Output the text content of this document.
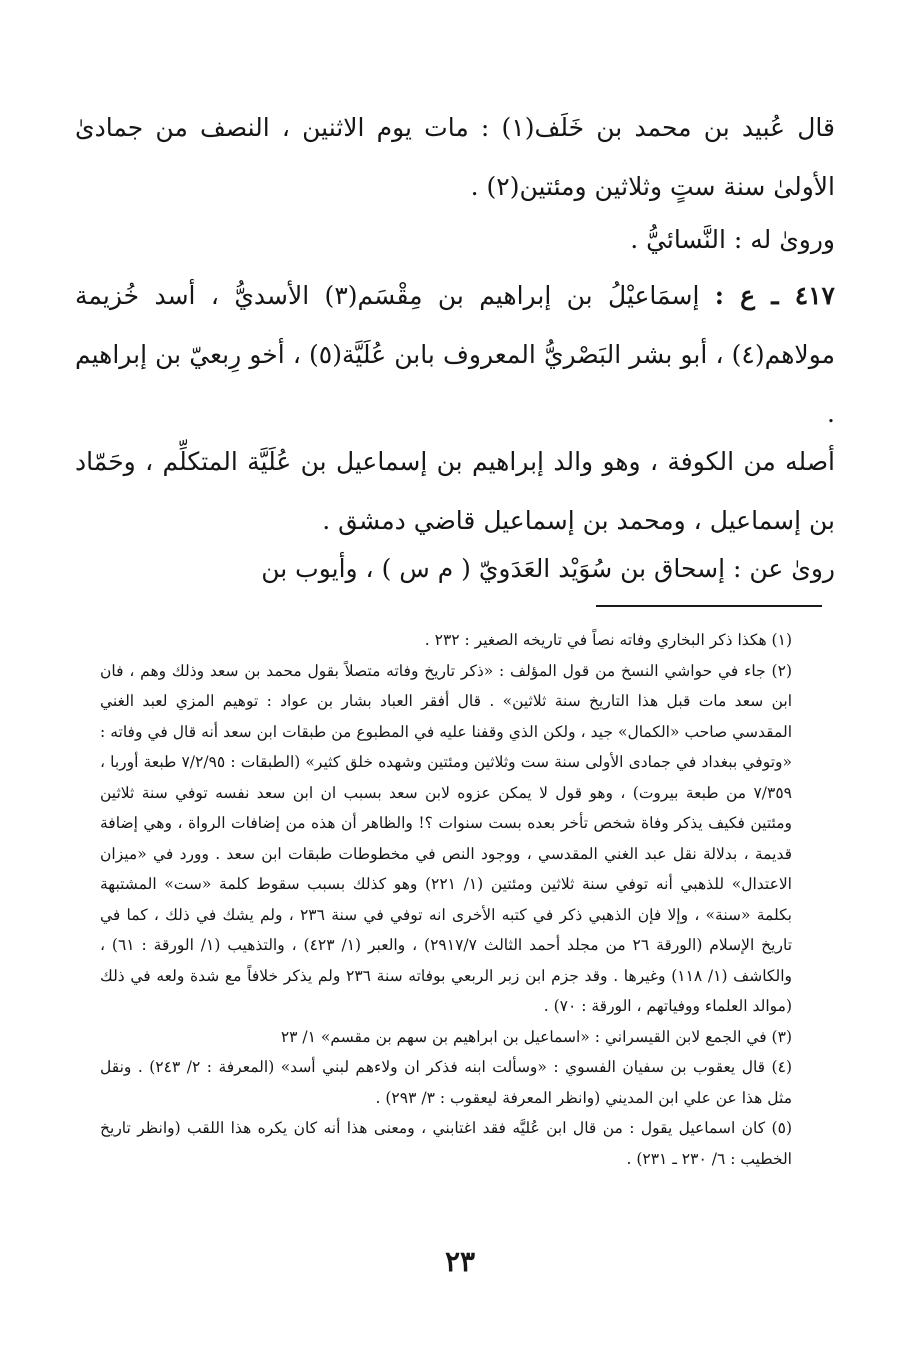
قال عُبيد بن محمد بن خَلَف(١) : مات يوم الاثنين ، النصف من جمادىٰ الأولىٰ سنة ستٍ وثلاثين ومئتين(٢) .

وروىٰ له : النَّسائيُّ .

٤١٧ ـ ع : إسمَاعيْلُ بن إبراهيم بن مِقْسَم(٣) الأسديُّ ، أسد خُزيمة مولاهم(٤) ، أبو بشر البَصْريُّ المعروف بابن عُلَيَّة(٥) ، أخو رِبعيّ بن إبراهيم .

أصله من الكوفة ، وهو والد إبراهيم بن إسماعيل بن عُلَيَّة المتكلِّم ، وحَمّاد بن إسماعيل ، ومحمد بن إسماعيل قاضي دمشق .

روىٰ عن : إسحاق بن سُوَيْد العَدَويّ ( م س ) ، وأيوب بن

(١) هكذا ذكر البخاري وفاته نصاً في تاريخه الصغير : ٢٣٢ .

(٢) جاء في حواشي النسخ من قول المؤلف : «ذكر تاريخ وفاته متصلاً بقول محمد بن سعد وذلك وهم ، فان ابن سعد مات قبل هذا التاريخ سنة ثلاثين» . قال أفقر العباد بشار بن عواد : توهيم المزي لعبد الغني المقدسي صاحب «الكمال» جيد ، ولكن الذي وقفنا عليه في المطبوع من طبقات ابن سعد أنه قال في وفاته : «وتوفي ببغداد في جمادى الأولى سنة ست وثلاثين ومئتين وشهده خلق كثير» (الطبقات : ٧/٢/٩٥ طبعة أوربا ، ٧/٣٥٩ من طبعة بيروت) ، وهو قول لا يمكن عزوه لابن سعد بسبب ان ابن سعد نفسه توفي سنة ثلاثين ومئتين فكيف يذكر وفاة شخص تأخر بعده بست سنوات ؟! والظاهر أن هذه من إضافات الرواة ، وهي إضافة قديمة ، بدلالة نقل عبد الغني المقدسي ، ووجود النص في مخطوطات طبقات ابن سعد . وورد في «ميزان الاعتدال» للذهبي أنه توفي سنة ثلاثين ومئتين (١/ ٢٢١) وهو كذلك بسبب سقوط كلمة «ست» المشتبهة بكلمة «سنة» ، وإلا فإن الذهبي ذكر في كتبه الأخرى انه توفي في سنة ٢٣٦ ، ولم يشك في ذلك ، كما في تاريخ الإسلام (الورقة ٢٦ من مجلد أحمد الثالث ٢٩١٧/٧) ، والعبر (١/ ٤٢٣) ، والتذهيب (١/ الورقة : ٦١) ، والكاشف (١/ ١١٨) وغيرها . وقد جزم ابن زبر الربعي بوفاته سنة ٢٣٦ ولم يذكر خلافاً مع شدة ولعه في ذلك (موالد العلماء ووفياتهم ، الورقة : ٧٠) .

(٣) في الجمع لابن القيسراني : «اسماعيل بن ابراهيم بن سهم بن مقسم» ١/ ٢٣

(٤) قال يعقوب بن سفيان الفسوي : «وسألت ابنه فذكر ان ولاءهم لبني أسد» (المعرفة : ٢/ ٢٤٣) . ونقل مثل هذا عن علي ابن المديني (وانظر المعرفة ليعقوب : ٣/ ٢٩٣) .

(٥) كان اسماعيل يقول : من قال ابن عُليَّه فقد اغتابني ، ومعنى هذا أنه كان يكره هذا اللقب (وانظر تاريخ الخطيب : ٦/ ٢٣٠ ـ ٢٣١) .

٢٣
